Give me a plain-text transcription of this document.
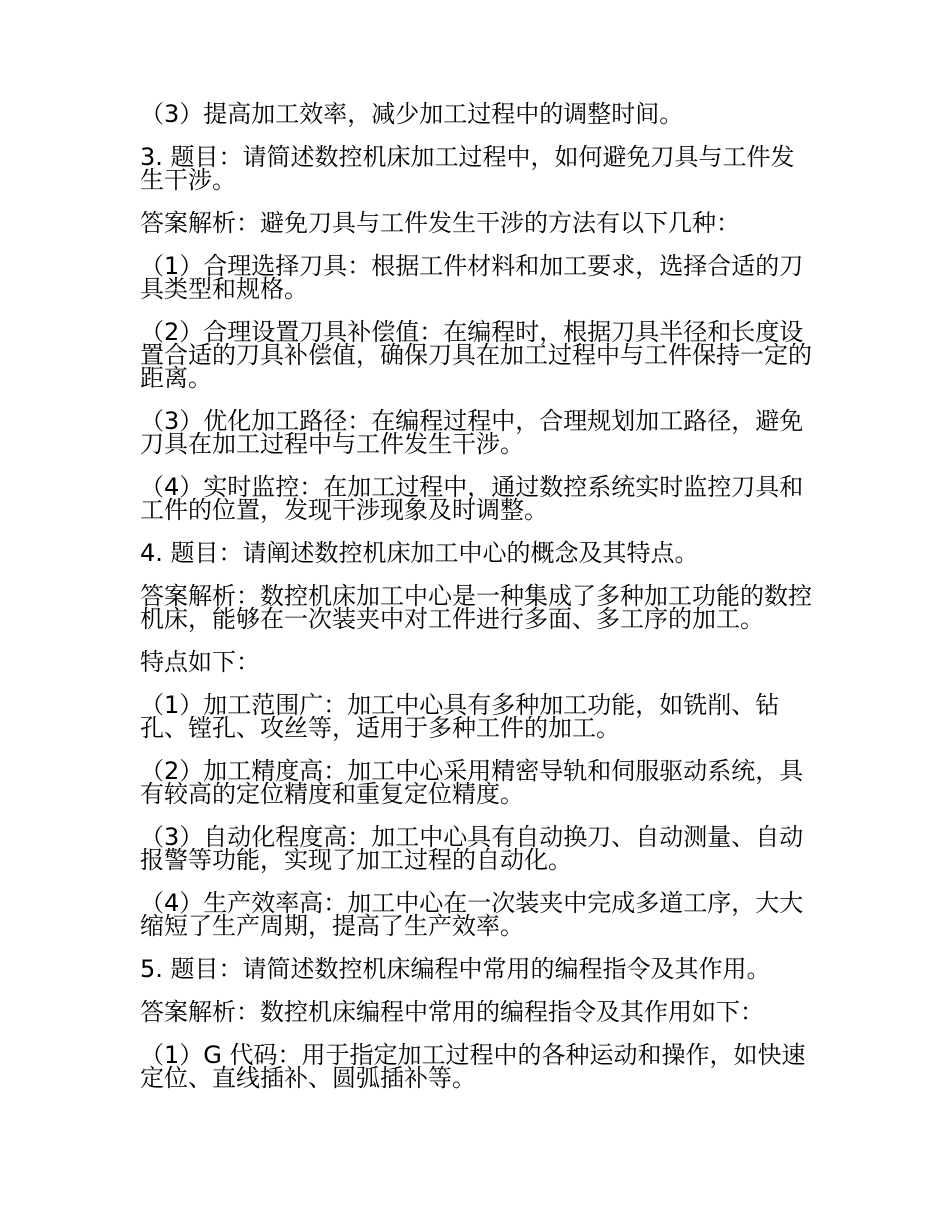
（3）提高加工效率，减少加工过程中的调整时间。

3. 题目：请简述数控机床加工过程中，如何避免刀具与工件发生干涉。

答案解析：避免刀具与工件发生干涉的方法有以下几种：

（1）合理选择刀具：根据工件材料和加工要求，选择合适的刀具类型和规格。

（2）合理设置刀具补偿值：在编程时，根据刀具半径和长度设置合适的刀具补偿值，确保刀具在加工过程中与工件保持一定的距离。

（3）优化加工路径：在编程过程中，合理规划加工路径，避免刀具在加工过程中与工件发生干涉。

（4）实时监控：在加工过程中，通过数控系统实时监控刀具和工件的位置，发现干涉现象及时调整。

4. 题目：请阐述数控机床加工中心的概念及其特点。

答案解析：数控机床加工中心是一种集成了多种加工功能的数控机床，能够在一次装夹中对工件进行多面、多工序的加工。

特点如下：

（1）加工范围广：加工中心具有多种加工功能，如铣削、钻孔、镗孔、攻丝等，适用于多种工件的加工。

（2）加工精度高：加工中心采用精密导轨和伺服驱动系统，具有较高的定位精度和重复定位精度。

（3）自动化程度高：加工中心具有自动换刀、自动测量、自动报警等功能，实现了加工过程的自动化。

（4）生产效率高：加工中心在一次装夹中完成多道工序，大大缩短了生产周期，提高了生产效率。

5. 题目：请简述数控机床编程中常用的编程指令及其作用。

答案解析：数控机床编程中常用的编程指令及其作用如下：

（1）G 代码：用于指定加工过程中的各种运动和操作，如快速定位、直线插补、圆弧插补等。
